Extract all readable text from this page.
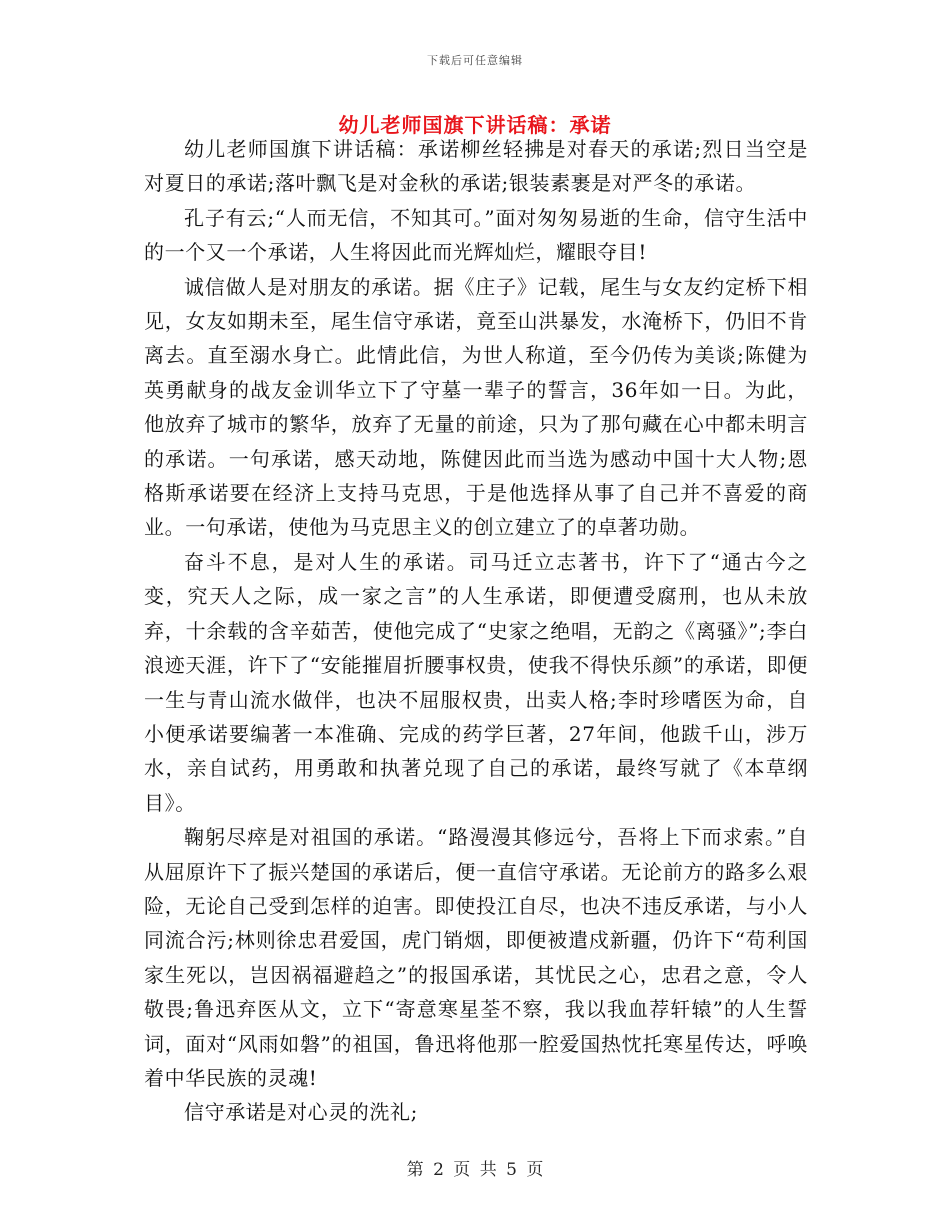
下载后可任意编辑
幼儿老师国旗下讲话稿：承诺

幼儿老师国旗下讲话稿：承诺柳丝轻拂是对春天的承诺;烈日当空是对夏日的承诺;落叶飘飞是对金秋的承诺;银装素裹是对严冬的承诺。

孔子有云;“人而无信，不知其可。”面对匆匆易逝的生命，信守生活中的一个又一个承诺，人生将因此而光辉灿烂，耀眼夺目!

诚信做人是对朋友的承诺。据《庄子》记载，尾生与女友约定桥下相见，女友如期未至，尾生信守承诺，竟至山洪暴发，水淹桥下，仍旧不肯离去。直至溺水身亡。此情此信，为世人称道，至今仍传为美谈;陈健为英勇献身的战友金训华立下了守墓一辈子的誓言，36年如一日。为此，他放弃了城市的繁华，放弃了无量的前途，只为了那句藏在心中都未明言的承诺。一句承诺，感天动地，陈健因此而当选为感动中国十大人物;恩格斯承诺要在经济上支持马克思，于是他选择从事了自己并不喜爱的商业。一句承诺，使他为马克思主义的创立建立了的卓著功勋。

奋斗不息，是对人生的承诺。司马迁立志著书，许下了“通古今之变，究天人之际，成一家之言”的人生承诺，即便遭受腐刑，也从未放弃，十余载的含辛茹苦，使他完成了“史家之绝唱，无韵之《离骚》”;李白浪迹天涯，许下了“安能摧眉折腰事权贵，使我不得快乐颜”的承诺，即便一生与青山流水做伴，也决不屈服权贵，出卖人格;李时珍嗜医为命，自小便承诺要编著一本准确、完成的药学巨著，27年间，他跋千山，涉万水，亲自试药，用勇敢和执著兑现了自己的承诺，最终写就了《本草纲目》。

鞠躬尽瘁是对祖国的承诺。“路漫漫其修远兮，吾将上下而求索。”自从屈原许下了振兴楚国的承诺后，便一直信守承诺。无论前方的路多么艰险，无论自己受到怎样的迫害。即使投江自尽，也决不违反承诺，与小人同流合污;林则徐忠君爱国，虎门销烟，即便被遣戍新疆，仍许下“苟利国家生死以，岂因祸福避趋之”的报国承诺，其忧民之心，忠君之意，令人敬畏;鲁迅弃医从文，立下“寄意寒星荃不察，我以我血荐轩辕”的人生誓词，面对“风雨如磐”的祖国，鲁迅将他那一腔爱国热忱托寒星传达，呼唤着中华民族的灵魂!

信守承诺是对心灵的洗礼;

第 2 页 共 5 页
